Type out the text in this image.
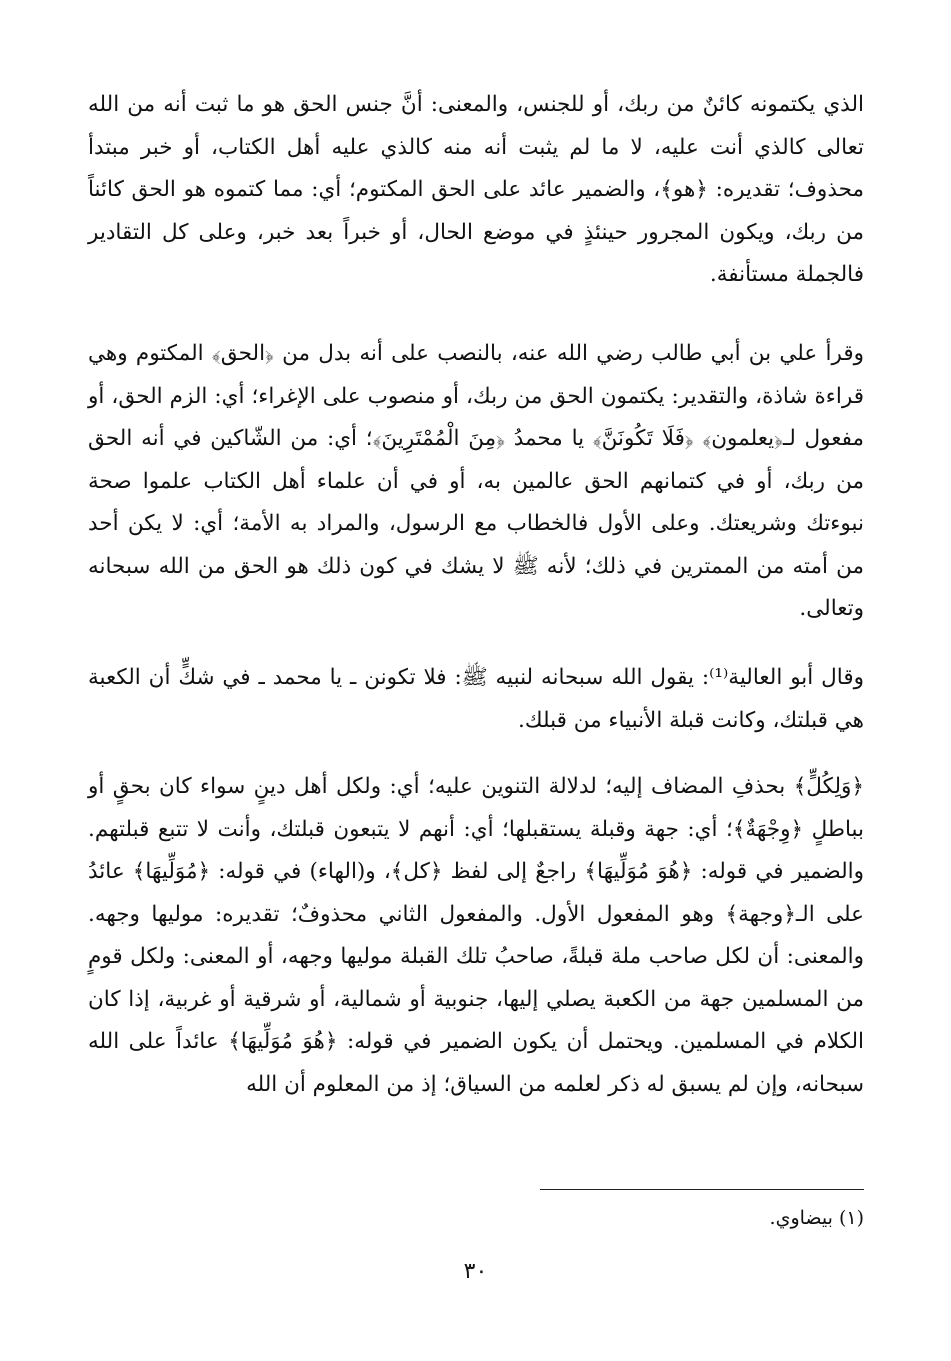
الذي يكتمونه كائنٌ من ربك، أو للجنس، والمعنى: أنَّ جنس الحق هو ما ثبت أنه من الله تعالى كالذي أنت عليه، لا ما لم يثبت أنه منه كالذي عليه أهل الكتاب، أو خبر مبتدأ محذوف؛ تقديره: ﴿هو﴾، والضمير عائد على الحق المكتوم؛ أي: مما كتموه هو الحق كائناً من ربك، ويكون المجرور حينئذٍ في موضع الحال، أو خبراً بعد خبر، وعلى كل التقادير فالجملة مستأنفة.

وقرأ علي بن أبي طالب رضي الله عنه، بالنصب على أنه بدل من ﴿الحق﴾ المكتوم وهي قراءة شاذة، والتقدير: يكتمون الحق من ربك، أو منصوب على الإغراء؛ أي: الزم الحق، أو مفعول لـ﴿يعلمون﴾ ﴿فَلَا تَكُونَنَّ﴾ يا محمدُ ﴿مِنَ الْمُمْتَرِينَ﴾؛ أي: من الشّاكين في أنه الحق من ربك، أو في كتمانهم الحق عالمين به، أو في أن علماء أهل الكتاب علموا صحة نبوءتك وشريعتك. وعلى الأول فالخطاب مع الرسول، والمراد به الأمة؛ أي: لا يكن أحد من أمته من الممترين في ذلك؛ لأنه ﷺ لا يشك في كون ذلك هو الحق من الله سبحانه وتعالى.

وقال أبو العالية⁽¹⁾: يقول الله سبحانه لنبيه ﷺ: فلا تكونن ـ يا محمد ـ في شكٍّ أن الكعبة هي قبلتك، وكانت قبلة الأنبياء من قبلك.

﴿وَلِكُلٍّ﴾ بحذفِ المضاف إليه؛ لدلالة التنوين عليه؛ أي: ولكل أهل دينٍ سواء كان بحقٍ أو بباطلٍ ﴿وِجْهَةٌ﴾؛ أي: جهة وقبلة يستقبلها؛ أي: أنهم لا يتبعون قبلتك، وأنت لا تتبع قبلتهم. والضمير في قوله: ﴿هُوَ مُوَلِّيهَا﴾ راجعٌ إلى لفظ ﴿كل﴾، و(الهاء) في قوله: ﴿مُوَلِّيهَا﴾ عائدُ على الـ﴿وجهة﴾ وهو المفعول الأول. والمفعول الثاني محذوفٌ؛ تقديره: موليها وجهه. والمعنى: أن لكل صاحب ملة قبلةً، صاحبُ تلك القبلة موليها وجهه، أو المعنى: ولكل قومٍ من المسلمين جهة من الكعبة يصلي إليها، جنوبية أو شمالية، أو شرقية أو غربية، إذا كان الكلام في المسلمين. ويحتمل أن يكون الضمير في قوله: ﴿هُوَ مُوَلِّيهَا﴾ عائداً على الله سبحانه، وإن لم يسبق له ذكر لعلمه من السياق؛ إذ من المعلوم أن الله

(١) بيضاوي.

٣٠
